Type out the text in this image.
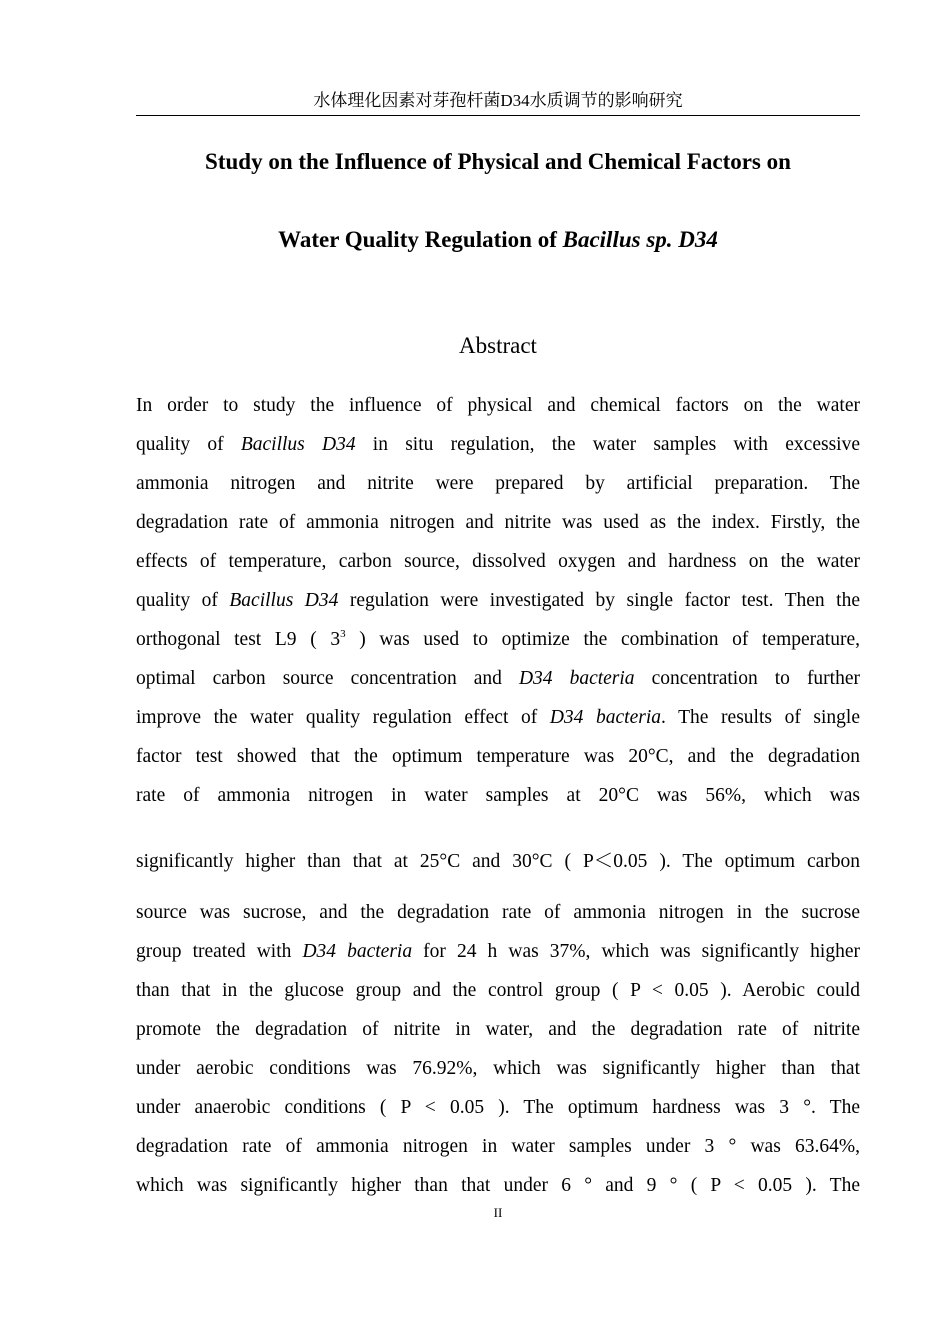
水体理化因素对芽孢杆菌D34水质调节的影响研究
Study on the Influence of Physical and Chemical Factors on
Water Quality Regulation of Bacillus sp. D34
Abstract
In order to study the influence of physical and chemical factors on the water
quality of Bacillus D34 in situ regulation, the water samples with excessive
ammonia nitrogen and nitrite were prepared by artificial preparation. The
degradation rate of ammonia nitrogen and nitrite was used as the index. Firstly, the
effects of temperature, carbon source, dissolved oxygen and hardness on the water
quality of Bacillus D34 regulation were investigated by single factor test. Then the
orthogonal test L9 ( $3^3$ ) was used to optimize the combination of temperature,
optimal carbon source concentration and D34 bacteria concentration to further
improve the water quality regulation effect of D34 bacteria. The results of single
factor test showed that the optimum temperature was 20°C, and the degradation
rate of ammonia nitrogen in water samples at 20°C was 56%, which was
significantly higher than that at 25°C and 30°C ( P＜0.05 ). The optimum carbon
source was sucrose, and the degradation rate of ammonia nitrogen in the sucrose
group treated with D34 bacteria for 24 h was 37%, which was significantly higher
than that in the glucose group and the control group ( P < 0.05 ). Aerobic could
promote the degradation of nitrite in water, and the degradation rate of nitrite
under aerobic conditions was 76.92%, which was significantly higher than that
under anaerobic conditions ( P < 0.05 ). The optimum hardness was 3 °. The
degradation rate of ammonia nitrogen in water samples under 3 ° was 63.64%,
which was significantly higher than that under 6 ° and 9 ° ( P < 0.05 ). The
II
